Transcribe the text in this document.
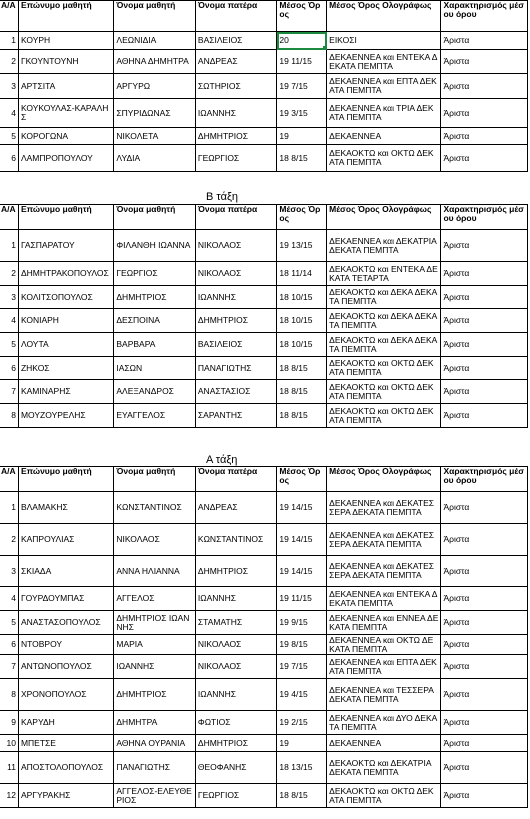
Α/Α	Επώνυμο μαθητή	Όνομα μαθητή	Όνομα πατέρα	Μέσος Όρος	Μέσος Όρος Ολογράφως	Χαρακτηρισμός μέσου όρου
1	ΚΟΥΡΗ	ΛΕΩΝΙΔΙΑ	ΒΑΣΙΛΕΙΟΣ	20	ΕΙΚΟΣΙ	Άριστα
2	ΓΚΟΥΝΤΟΥΝΗ	ΑΘΗΝΑ ΔΗΜΗΤΡΑ	ΑΝΔΡΕΑΣ	19 11/15	ΔΕΚΑΕΝΝΕΑ και ΕΝΤΕΚΑ ΔΕΚΑΤΑ ΠΕΜΠΤΑ	Άριστα
3	ΑΡΤΣΙΤΑ	ΑΡΓΥΡΩ	ΣΩΤΗΡΙΟΣ	19 7/15	ΔΕΚΑΕΝΝΕΑ και ΕΠΤΑ ΔΕΚΑΤΑ ΠΕΜΠΤΑ	Άριστα
4	ΚΟΥΚΟΥΛΑΣ-ΚΑΡΑΛΗΣ	ΣΠΥΡΙΔΩΝΑΣ	ΙΩΑΝΝΗΣ	19 3/15	ΔΕΚΑΕΝΝΕΑ και ΤΡΙΑ ΔΕΚΑΤΑ ΠΕΜΠΤΑ	Άριστα
5	ΚΟΡΟΓΩΝΑ	ΝΙΚΟΛΕΤΑ	ΔΗΜΗΤΡΙΟΣ	19	ΔΕΚΑΕΝΝΕΑ	Άριστα
6	ΛΑΜΠΡΟΠΟΥΛΟΥ	ΛΥΔΙΑ	ΓΕΩΡΓΙΟΣ	18 8/15	ΔΕΚΑΟΚΤΩ και ΟΚΤΩ ΔΕΚΑΤΑ ΠΕΜΠΤΑ	Άριστα
Β τάξη
Α/Α	Επώνυμο μαθητή	Όνομα μαθητή	Όνομα πατέρα	Μέσος Όρος	Μέσος Όρος Ολογράφως	Χαρακτηρισμός μέσου όρου
1	ΓΑΣΠΑΡΑΤΟΥ	ΦΙΛΑΝΘΗ ΙΩΑΝΝΑ	ΝΙΚΟΛΑΟΣ	19 13/15	ΔΕΚΑΕΝΝΕΑ και ΔΕΚΑΤΡΙΑ ΔΕΚΑΤΑ ΠΕΜΠΤΑ	Άριστα
2	ΔΗΜΗΤΡΑΚΟΠΟΥΛΟΣ	ΓΕΩΡΓΙΟΣ	ΝΙΚΟΛΑΟΣ	18 11/14	ΔΕΚΑΟΚΤΩ και ΕΝΤΕΚΑ ΔΕΚΑΤΑ ΤΕΤΑΡΤΑ	Άριστα
3	ΚΟΛΙΤΣΟΠΟΥΛΟΣ	ΔΗΜΗΤΡΙΟΣ	ΙΩΑΝΝΗΣ	18 10/15	ΔΕΚΑΟΚΤΩ και ΔΕΚΑ ΔΕΚΑΤΑ ΠΕΜΠΤΑ	Άριστα
4	ΚΟΝΙΑΡΗ	ΔΕΣΠΟΙΝΑ	ΔΗΜΗΤΡΙΟΣ	18 10/15	ΔΕΚΑΟΚΤΩ και ΔΕΚΑ ΔΕΚΑΤΑ ΠΕΜΠΤΑ	Άριστα
5	ΛΟΥΤΑ	ΒΑΡΒΑΡΑ	ΒΑΣΙΛΕΙΟΣ	18 10/15	ΔΕΚΑΟΚΤΩ και ΔΕΚΑ ΔΕΚΑΤΑ ΠΕΜΠΤΑ	Άριστα
6	ΖΗΚΟΣ	ΙΑΣΩΝ	ΠΑΝΑΓΙΩΤΗΣ	18 8/15	ΔΕΚΑΟΚΤΩ και ΟΚΤΩ ΔΕΚΑΤΑ ΠΕΜΠΤΑ	Άριστα
7	ΚΑΜΙΝΑΡΗΣ	ΑΛΕΞΑΝΔΡΟΣ	ΑΝΑΣΤΑΣΙΟΣ	18 8/15	ΔΕΚΑΟΚΤΩ και ΟΚΤΩ ΔΕΚΑΤΑ ΠΕΜΠΤΑ	Άριστα
8	ΜΟΥΖΟΥΡΕΛΗΣ	ΕΥΑΓΓΕΛΟΣ	ΣΑΡΑΝΤΗΣ	18 8/15	ΔΕΚΑΟΚΤΩ και ΟΚΤΩ ΔΕΚΑΤΑ ΠΕΜΠΤΑ	Άριστα
Α τάξη
Α/Α	Επώνυμο μαθητή	Όνομα μαθητή	Όνομα πατέρα	Μέσος Όρος	Μέσος Όρος Ολογράφως	Χαρακτηρισμός μέσου όρου
1	ΒΛΑΜΑΚΗΣ	ΚΩΝΣΤΑΝΤΙΝΟΣ	ΑΝΔΡΕΑΣ	19 14/15	ΔΕΚΑΕΝΝΕΑ και ΔΕΚΑΤΕΣΣΕΡΑ ΔΕΚΑΤΑ ΠΕΜΠΤΑ	Άριστα
2	ΚΑΠΡΟΥΛΙΑΣ	ΝΙΚΟΛΑΟΣ	ΚΩΝΣΤΑΝΤΙΝΟΣ	19 14/15	ΔΕΚΑΕΝΝΕΑ και ΔΕΚΑΤΕΣΣΕΡΑ ΔΕΚΑΤΑ ΠΕΜΠΤΑ	Άριστα
3	ΣΚΙΑΔΑ	ΑΝΝΑ ΗΛΙΑΝΝΑ	ΔΗΜΗΤΡΙΟΣ	19 14/15	ΔΕΚΑΕΝΝΕΑ και ΔΕΚΑΤΕΣΣΕΡΑ ΔΕΚΑΤΑ ΠΕΜΠΤΑ	Άριστα
4	ΓΟΥΡΔΟΥΜΠΑΣ	ΑΓΓΕΛΟΣ	ΙΩΑΝΝΗΣ	19 11/15	ΔΕΚΑΕΝΝΕΑ και ΕΝΤΕΚΑ ΔΕΚΑΤΑ ΠΕΜΠΤΑ	Άριστα
5	ΑΝΑΣΤΑΣΟΠΟΥΛΟΣ	ΔΗΜΗΤΡΙΟΣ ΙΩΑΝΝΗΣ	ΣΤΑΜΑΤΗΣ	19 9/15	ΔΕΚΑΕΝΝΕΑ και ΕΝΝΕΑ ΔΕΚΑΤΑ ΠΕΜΠΤΑ	Άριστα
6	ΝΤΟΒΡΟΥ	ΜΑΡΙΑ	ΝΙΚΟΛΑΟΣ	19 8/15	ΔΕΚΑΕΝΝΕΑ και ΟΚΤΩ ΔΕΚΑΤΑ ΠΕΜΠΤΑ	Άριστα
7	ΑΝΤΩΝΟΠΟΥΛΟΣ	ΙΩΑΝΝΗΣ	ΝΙΚΟΛΑΟΣ	19 7/15	ΔΕΚΑΕΝΝΕΑ και ΕΠΤΑ ΔΕΚΑΤΑ ΠΕΜΠΤΑ	Άριστα
8	ΧΡΟΝΟΠΟΥΛΟΣ	ΔΗΜΗΤΡΙΟΣ	ΙΩΑΝΝΗΣ	19 4/15	ΔΕΚΑΕΝΝΕΑ και ΤΕΣΣΕΡΑ ΔΕΚΑΤΑ ΠΕΜΠΤΑ	Άριστα
9	ΚΑΡΥΔΗ	ΔΗΜΗΤΡΑ	ΦΩΤΙΟΣ	19 2/15	ΔΕΚΑΕΝΝΕΑ και ΔΥΟ ΔΕΚΑΤΑ ΠΕΜΠΤΑ	Άριστα
10	ΜΠΕΤΣΕ	ΑΘΗΝΑ ΟΥΡΑΝΙΑ	ΔΗΜΗΤΡΙΟΣ	19	ΔΕΚΑΕΝΝΕΑ	Άριστα
11	ΑΠΟΣΤΟΛΟΠΟΥΛΟΣ	ΠΑΝΑΓΙΩΤΗΣ	ΘΕΟΦΑΝΗΣ	18 13/15	ΔΕΚΑΟΚΤΩ και ΔΕΚΑΤΡΙΑ ΔΕΚΑΤΑ ΠΕΜΠΤΑ	Άριστα
12	ΑΡΓΥΡΑΚΗΣ	ΑΓΓΕΛΟΣ-ΕΛΕΥΘΕΡΙΟΣ	ΓΕΩΡΓΙΟΣ	18 8/15	ΔΕΚΑΟΚΤΩ και ΟΚΤΩ ΔΕΚΑΤΑ ΠΕΜΠΤΑ	Άριστα
